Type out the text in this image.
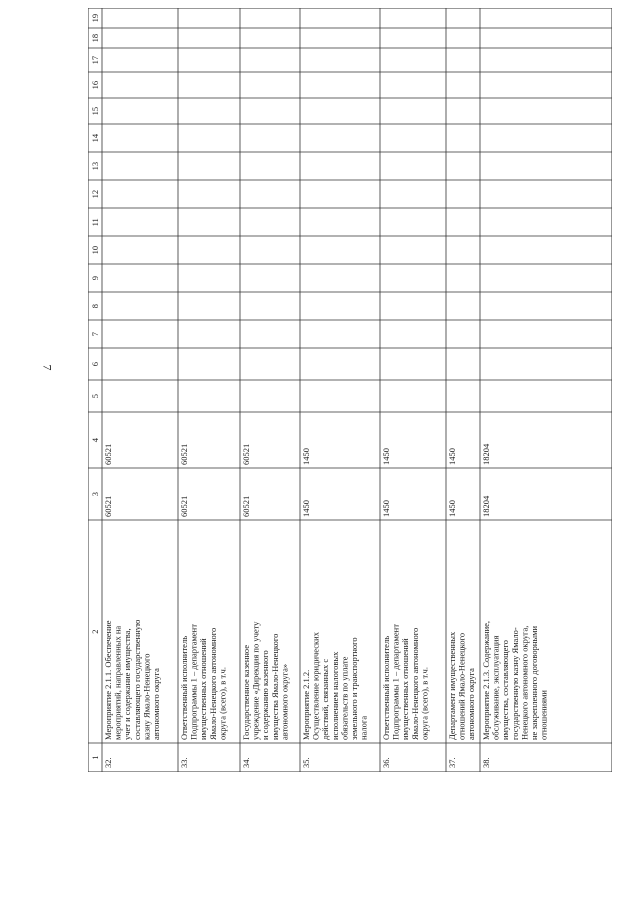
7
1
2
3
4
5
6
7
8
9
10
11
12
13
14
15
16
17
18
19
32.
Мероприятие 2.1.1. Обеспечение мероприятий, направленных на учет и содержание имущества, составляющего государственную казну Ямало-Ненецкого автономного округа
60521
60521
33.
Ответственный исполнитель Подпрограммы 1 – департамент имущественных отношений Ямало-Ненецкого автономного округа (всего), в т.ч.
60521
60521
34.
Государственное казенное учреждение «Дирекция по учету и содержанию казенного имущества Ямало-Ненецкого автономного округа»
60521
60521
35.
Мероприятие 2.1.2. Осуществление юридических действий, связанных с исполнением налоговых обязательств по уплате земельного и транспортного налога
1450
1450
36.
Ответственный исполнитель Подпрограммы 1 – департамент имущественных отношений Ямало-Ненецкого автономного округа (всего), в т.ч.
1450
1450
37.
Департамент имущественных отношений Ямало-Ненецкого автономного округа
1450
1450
38.
Мероприятие 2.1.3. Содержание, обслуживание, эксплуатация имущества, составляющего государственную казну Ямало- Ненецкого автономного округа, не закрепленного договорными отношениями
18204
18204
